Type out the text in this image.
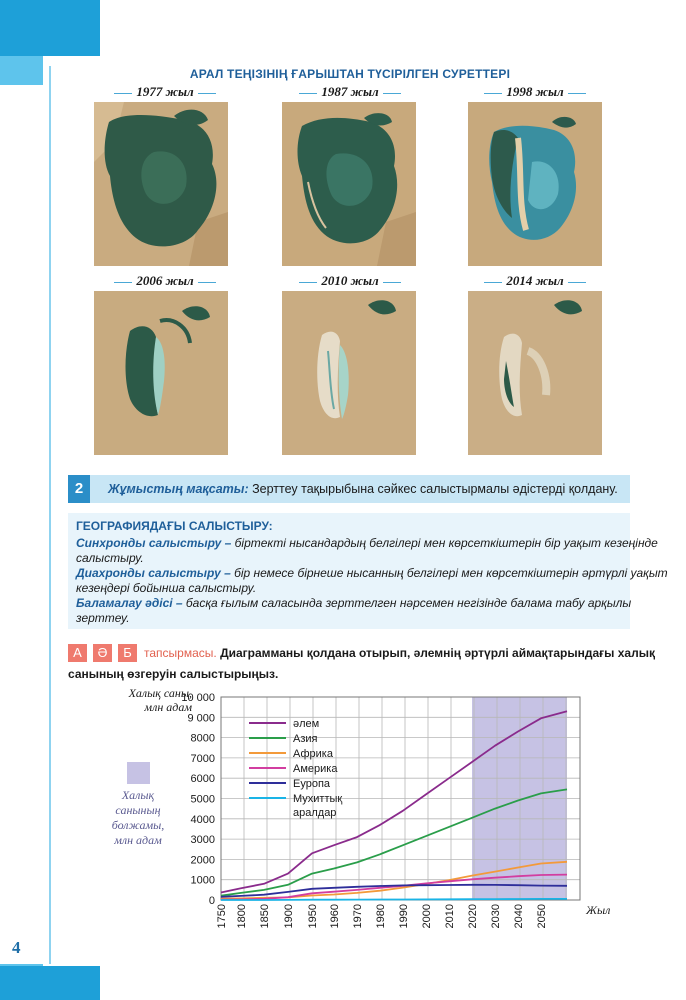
4
АРАЛ ТЕҢІЗІНІҢ ҒАРЫШТАН ТҮСІРІЛГЕН СУРЕТТЕРІ
1977 жыл	1987 жыл	1998 жыл
2006 жыл	2010 жыл	2014 жыл
2	Жұмыстың мақсаты: Зерттеу тақырыбына сәйкес салыстырмалы әдістерді қолдану.
ГЕОГРАФИЯДАҒЫ САЛЫСТЫРУ:
Синхронды салыстыру – біртекті нысандардың белгілері мен көрсеткіштерін бір уақыт кезеңінде
салыстыру.
Диахронды салыстыру – бір немесе бірнеше нысанның белгілері мен көрсеткіштерін әртүрлі уақыт
кезеңдері бойынша салыстыру.
Баламалау әдісі – басқа ғылым саласында зерттелген нәрсемен негізінде балама табу арқылы
зерттеу.
А	Ә	Б	тапсырмасы. Диаграмманы қолдана отырып, әлемнің әртүрлі аймақтарындағы халық
санының өзгеруін салыстырыңыз.
0
1000
2000
3000
4000
5000
6000
7000
8000
9 000
10 000
1750 1800 1850 1900 1950 1960 1970 1980 1990 2000 2010 2020 2030 2040 2050
Халық саны,
млн адам
Жыл
Халық
санының
болжамы,
млн адам
әлем
Азия
Африка
Америка
Еуропа
Мухиттық
аралдар
